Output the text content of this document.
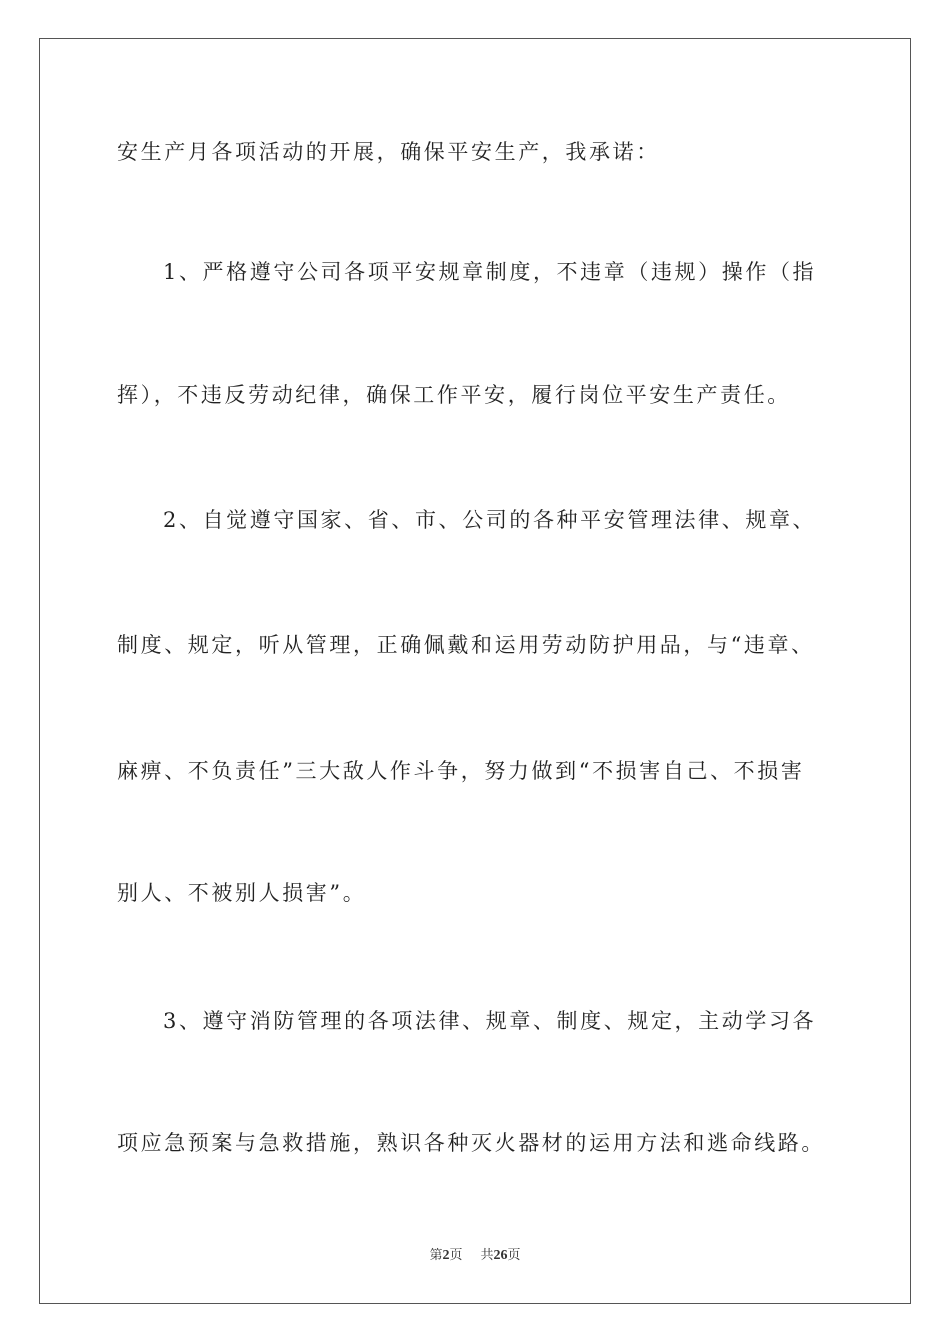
安生产月各项活动的开展，确保平安生产，我承诺：
1、严格遵守公司各项平安规章制度，不违章（违规）操作（指
挥），不违反劳动纪律，确保工作平安，履行岗位平安生产责任。
2、自觉遵守国家、省、市、公司的各种平安管理法律、规章、
制度、规定，听从管理，正确佩戴和运用劳动防护用品，与“违章、
麻痹、不负责任”三大敌人作斗争，努力做到“不损害自己、不损害
别人、不被别人损害”。
3、遵守消防管理的各项法律、规章、制度、规定，主动学习各
项应急预案与急救措施，熟识各种灭火器材的运用方法和逃命线路。
第2页 共26页
